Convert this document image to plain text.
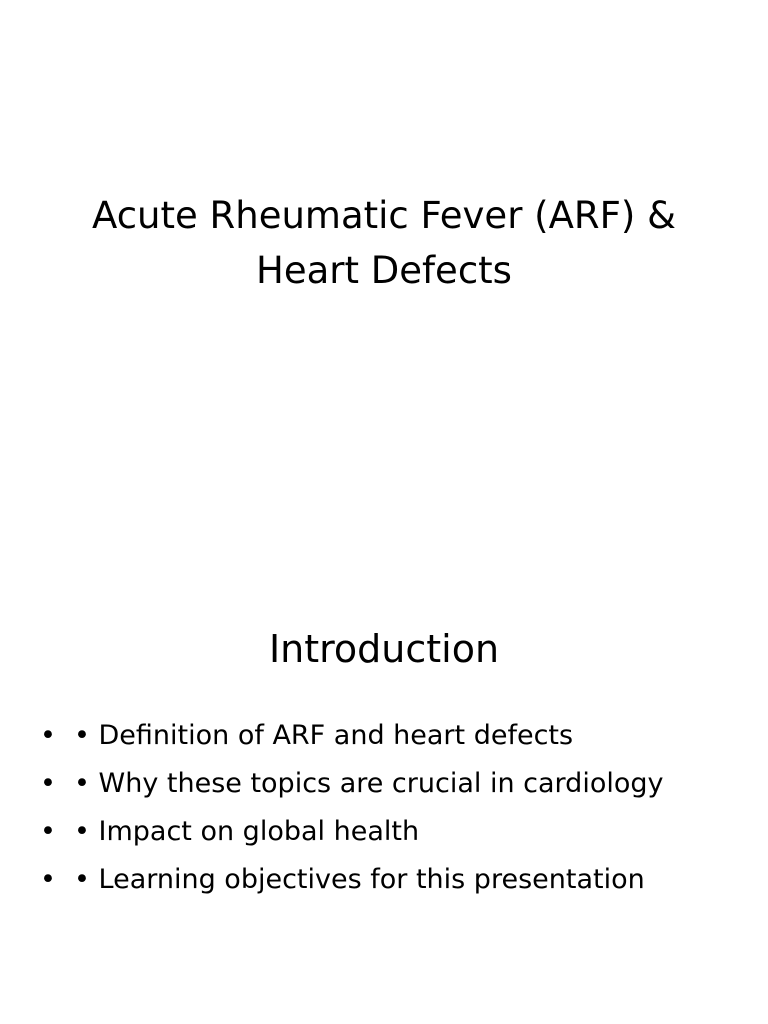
Acute Rheumatic Fever (ARF) &
Heart Defects
Introduction
• • Definition of ARF and heart defects
• • Why these topics are crucial in cardiology
• • Impact on global health
• • Learning objectives for this presentation
